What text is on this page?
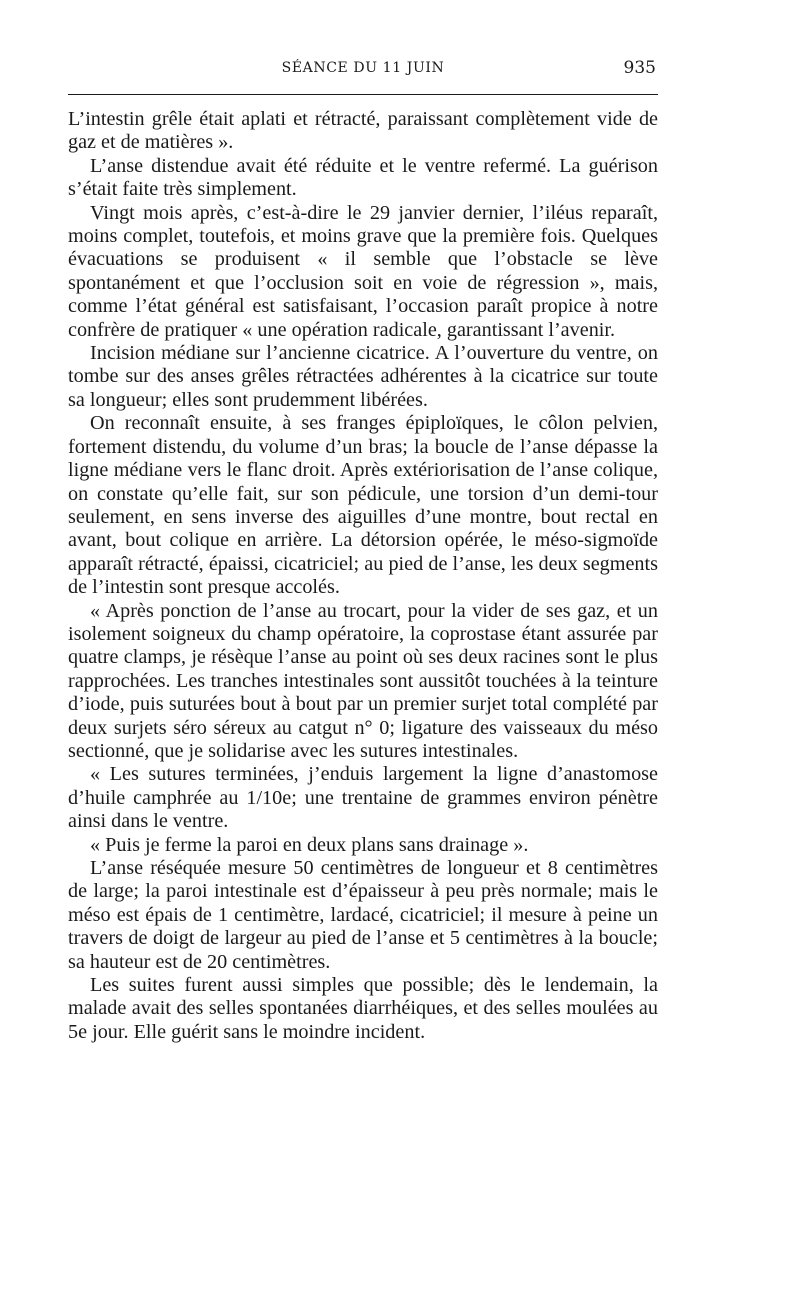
SÉANCE DU 11 JUIN	935

L’intestin grêle était aplati et rétracté, paraissant complètement vide de gaz et de matières ».

L’anse distendue avait été réduite et le ventre refermé. La guérison s’était faite très simplement.

Vingt mois après, c’est-à-dire le 29 janvier dernier, l’iléus reparaît, moins complet, toutefois, et moins grave que la première fois. Quelques évacuations se produisent « il semble que l’obstacle se lève spontanément et que l’occlusion soit en voie de régression », mais, comme l’état général est satisfaisant, l’occasion paraît propice à notre confrère de pratiquer « une opération radicale, garantissant l’avenir.

Incision médiane sur l’ancienne cicatrice. A l’ouverture du ventre, on tombe sur des anses grêles rétractées adhérentes à la cicatrice sur toute sa longueur; elles sont prudemment libérées.

On reconnaît ensuite, à ses franges épiploïques, le côlon pelvien, fortement distendu, du volume d’un bras; la boucle de l’anse dépasse la ligne médiane vers le flanc droit. Après extériorisation de l’anse colique, on constate qu’elle fait, sur son pédicule, une torsion d’un demi-tour seulement, en sens inverse des aiguilles d’une montre, bout rectal en avant, bout colique en arrière. La détorsion opérée, le méso-sigmoïde apparaît rétracté, épaissi, cicatriciel; au pied de l’anse, les deux segments de l’intestin sont presque accolés.

« Après ponction de l’anse au trocart, pour la vider de ses gaz, et un isolement soigneux du champ opératoire, la coprostase étant assurée par quatre clamps, je résèque l’anse au point où ses deux racines sont le plus rapprochées. Les tranches intestinales sont aussitôt touchées à la teinture d’iode, puis suturées bout à bout par un premier surjet total complété par deux surjets séro séreux au catgut n° 0; ligature des vaisseaux du méso sectionné, que je solidarise avec les sutures intestinales.

« Les sutures terminées, j’enduis largement la ligne d’anastomose d’huile camphrée au 1/10e; une trentaine de grammes environ pénètre ainsi dans le ventre.

« Puis je ferme la paroi en deux plans sans drainage ».

L’anse réséquée mesure 50 centimètres de longueur et 8 centimètres de large; la paroi intestinale est d’épaisseur à peu près normale; mais le méso est épais de 1 centimètre, lardacé, cicatriciel; il mesure à peine un travers de doigt de largeur au pied de l’anse et 5 centimètres à la boucle; sa hauteur est de 20 centimètres.

Les suites furent aussi simples que possible; dès le lendemain, la malade avait des selles spontanées diarrhéiques, et des selles moulées au 5e jour. Elle guérit sans le moindre incident.
